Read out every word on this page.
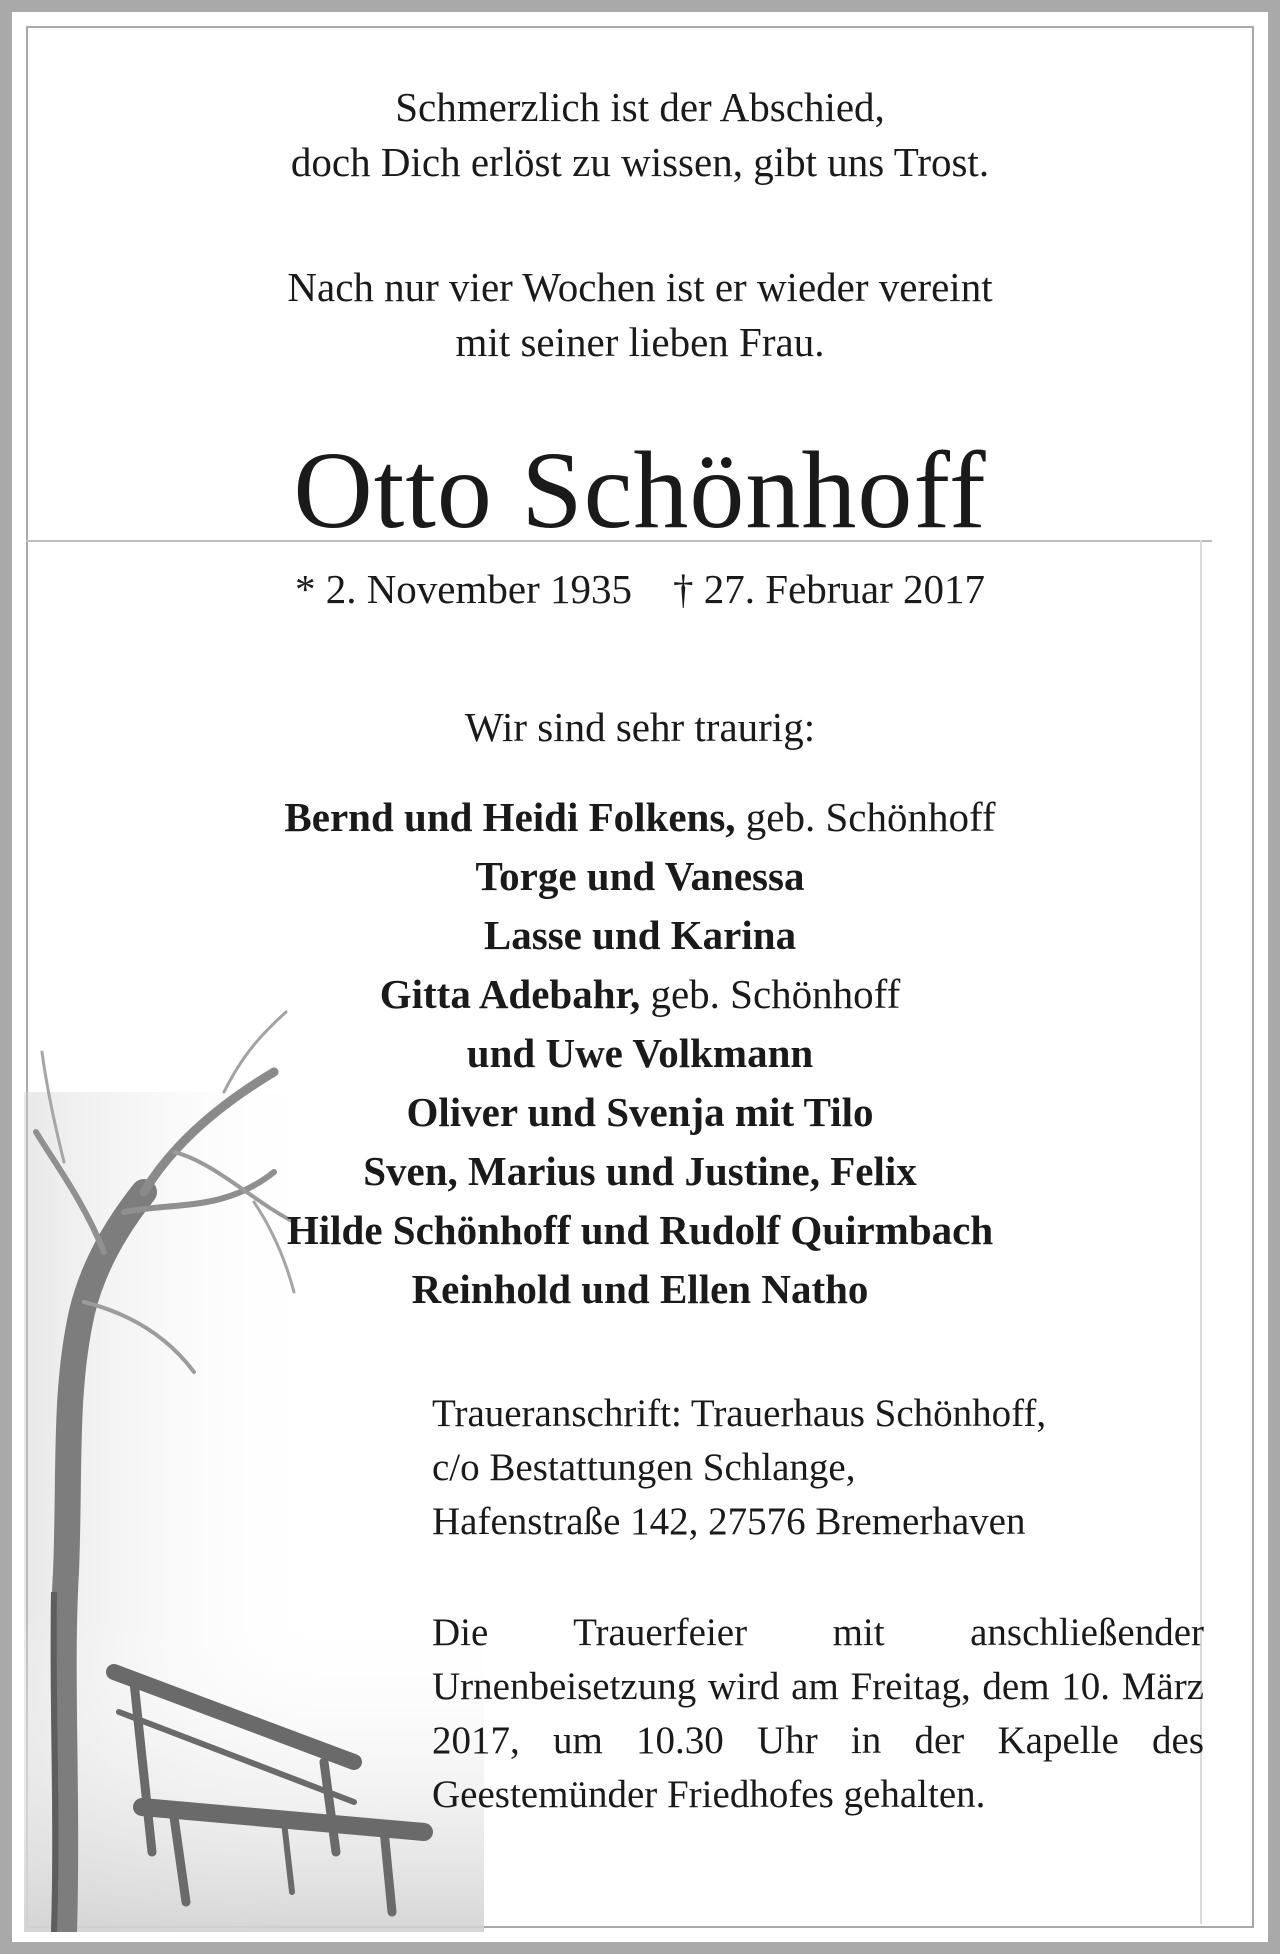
Schmerzlich ist der Abschied,
doch Dich erlöst zu wissen, gibt uns Trost.
Nach nur vier Wochen ist er wieder vereint
mit seiner lieben Frau.
Otto Schönhoff
* 2. November 1935 † 27. Februar 2017
Wir sind sehr traurig:
Bernd und Heidi Folkens, geb. Schönhoff
Torge und Vanessa
Lasse und Karina
Gitta Adebahr, geb. Schönhoff
und Uwe Volkmann
Oliver und Svenja mit Tilo
Sven, Marius und Justine, Felix
Hilde Schönhoff und Rudolf Quirmbach
Reinhold und Ellen Natho
Traueranschrift: Trauerhaus Schönhoff,
c/o Bestattungen Schlange,
Hafenstraße 142, 27576 Bremerhaven
Die Trauerfeier mit anschließender Urnenbeisetzung wird am Freitag, dem 10. März 2017, um 10.30 Uhr in der Kapelle des Geestemünder Friedhofes gehalten.
